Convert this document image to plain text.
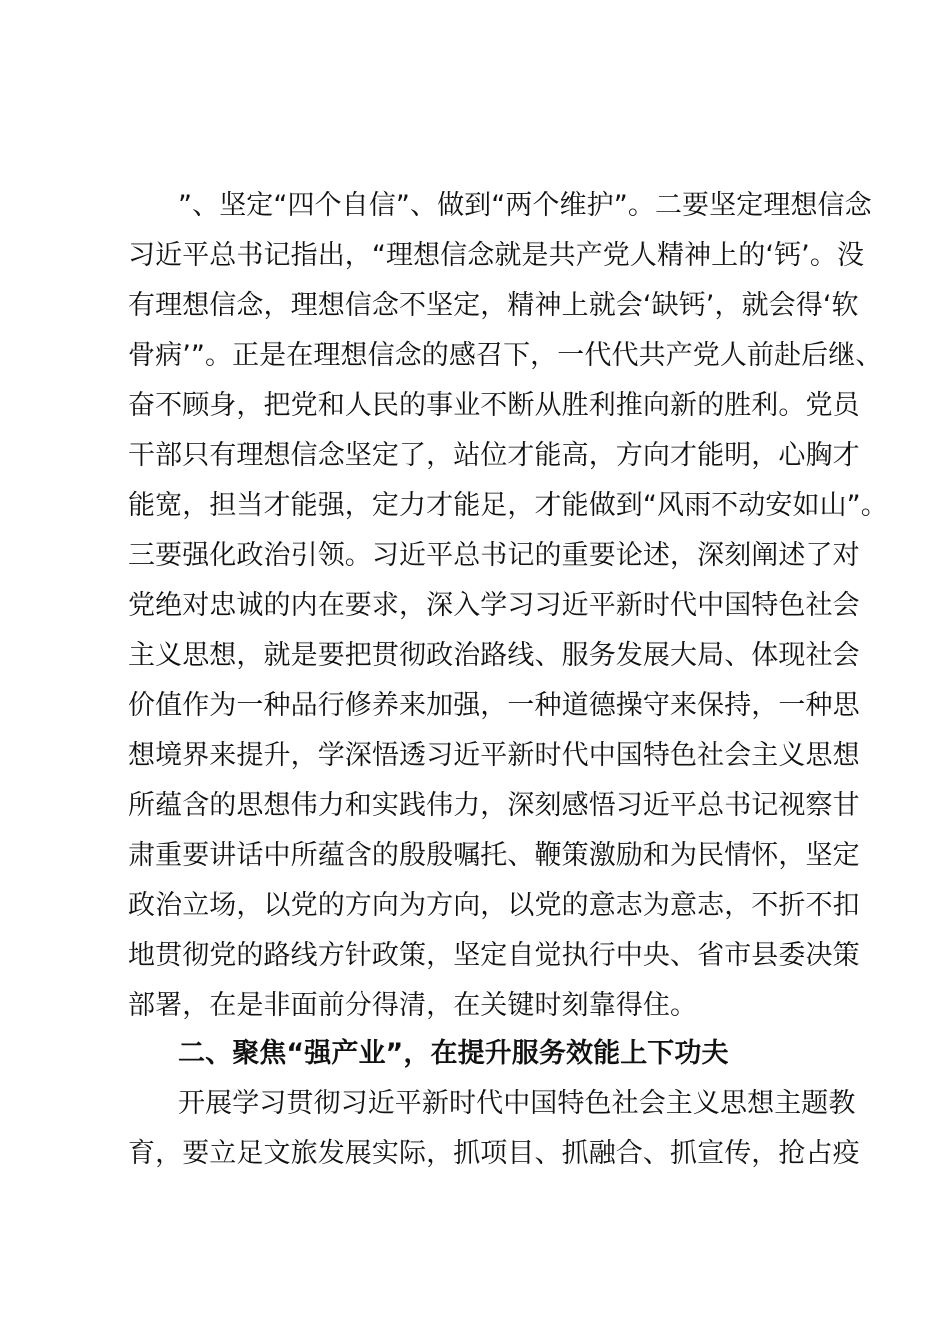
”、坚定“四个自信”、做到“两个维护”。二要坚定理想信念
习近平总书记指出，“理想信念就是共产党人精神上的‘钙’。没
有理想信念，理想信念不坚定，精神上就会‘缺钙’，就会得‘软
骨病’”。正是在理想信念的感召下，一代代共产党人前赴后继、
奋不顾身，把党和人民的事业不断从胜利推向新的胜利。党员
干部只有理想信念坚定了，站位才能高，方向才能明，心胸才
能宽，担当才能强，定力才能足，才能做到“风雨不动安如山”。
三要强化政治引领。习近平总书记的重要论述，深刻阐述了对
党绝对忠诚的内在要求，深入学习习近平新时代中国特色社会
主义思想，就是要把贯彻政治路线、服务发展大局、体现社会
价值作为一种品行修养来加强，一种道德操守来保持，一种思
想境界来提升，学深悟透习近平新时代中国特色社会主义思想
所蕴含的思想伟力和实践伟力，深刻感悟习近平总书记视察甘
肃重要讲话中所蕴含的殷殷嘱托、鞭策激励和为民情怀，坚定
政治立场，以党的方向为方向，以党的意志为意志，不折不扣
地贯彻党的路线方针政策，坚定自觉执行中央、省市县委决策
部署，在是非面前分得清，在关键时刻靠得住。
二、聚焦“强产业”，在提升服务效能上下功夫
开展学习贯彻习近平新时代中国特色社会主义思想主题教
育，要立足文旅发展实际，抓项目、抓融合、抓宣传，抢占疫
